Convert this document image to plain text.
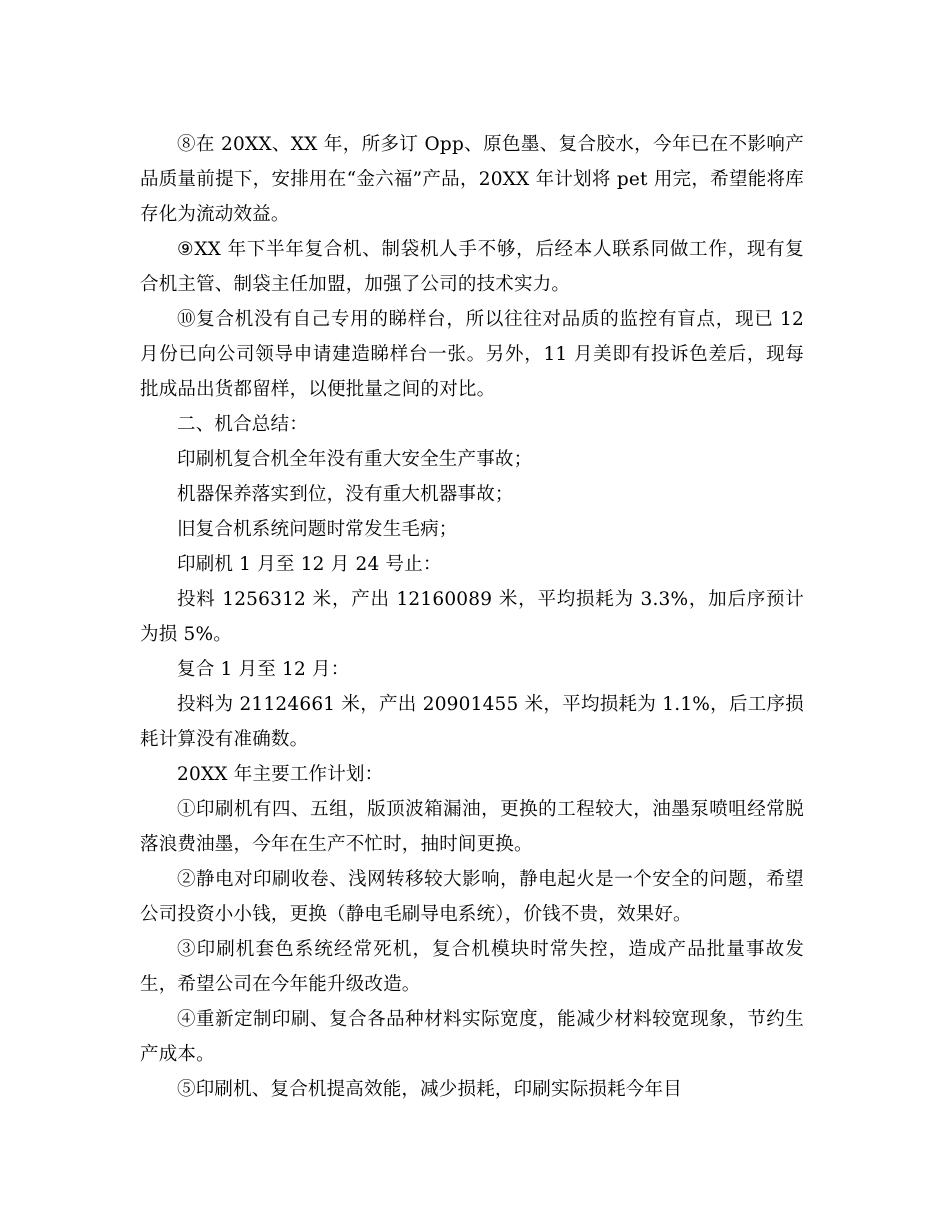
⑧在 20XX、XX 年，所多订 Opp、原色墨、复合胶水，今年已在不影响产品质量前提下，安排用在“金六福”产品，20XX 年计划将 pet 用完，希望能将库存化为流动效益。

⑨XX 年下半年复合机、制袋机人手不够，后经本人联系同做工作，现有复合机主管、制袋主任加盟，加强了公司的技术实力。

⑩复合机没有自己专用的睇样台，所以往往对品质的监控有盲点，现已 12 月份已向公司领导申请建造睇样台一张。另外，11 月美即有投诉色差后，现每批成品出货都留样，以便批量之间的对比。

二、机合总结：

印刷机复合机全年没有重大安全生产事故；

机器保养落实到位，没有重大机器事故；

旧复合机系统问题时常发生毛病；

印刷机 1 月至 12 月 24 号止：

投料 1256312 米，产出 12160089 米，平均损耗为 3.3%，加后序预计为损 5%。

复合 1 月至 12 月：

投料为 21124661 米，产出 20901455 米，平均损耗为 1.1%，后工序损耗计算没有准确数。

20XX 年主要工作计划：

①印刷机有四、五组，版顶波箱漏油，更换的工程较大，油墨泵喷咀经常脱落浪费油墨，今年在生产不忙时，抽时间更换。

②静电对印刷收卷、浅网转移较大影响，静电起火是一个安全的问题，希望公司投资小小钱，更换（静电毛刷导电系统），价钱不贵，效果好。

③印刷机套色系统经常死机，复合机模块时常失控，造成产品批量事故发生，希望公司在今年能升级改造。

④重新定制印刷、复合各品种材料实际宽度，能减少材料较宽现象，节约生产成本。

⑤印刷机、复合机提高效能，减少损耗，印刷实际损耗今年目
